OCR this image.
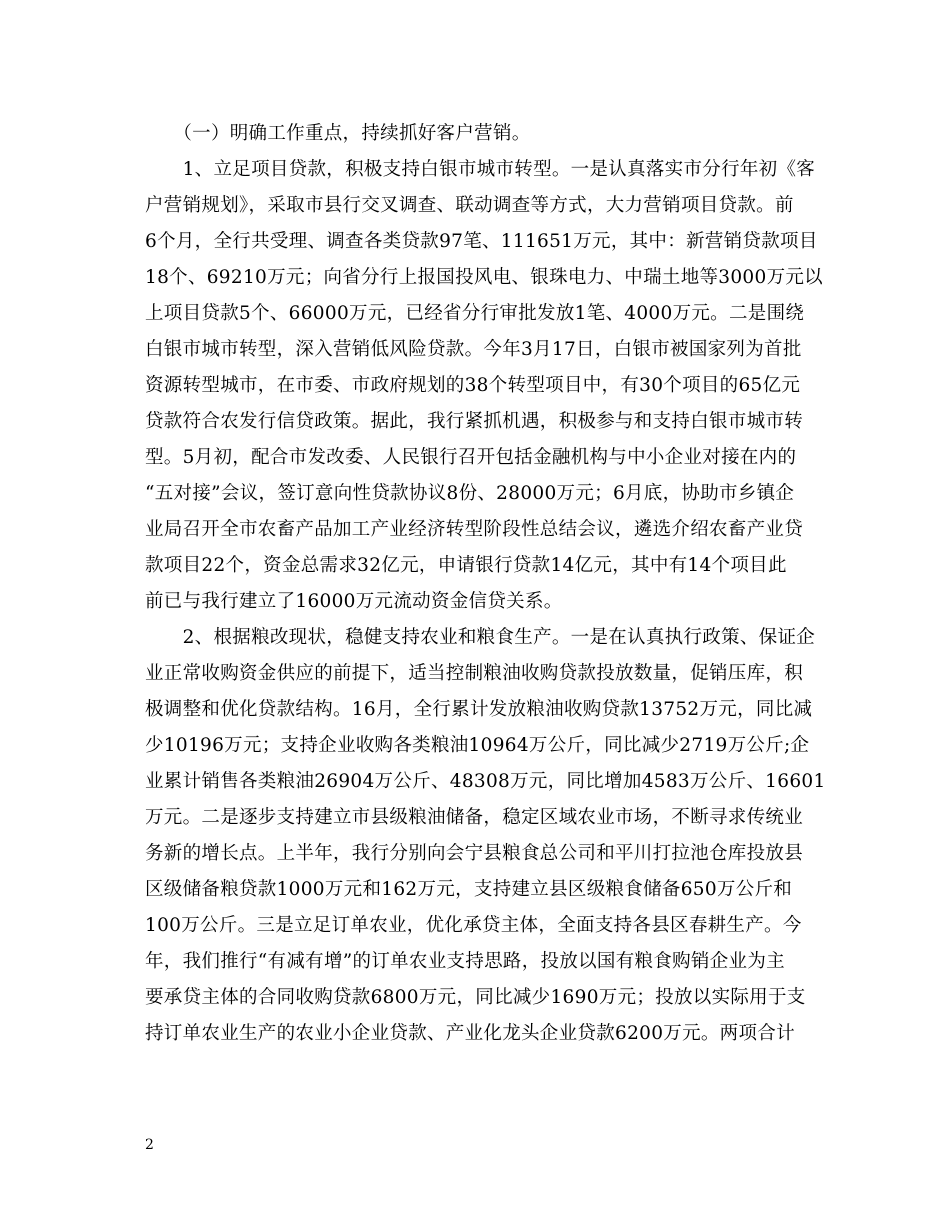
　　（一）明确工作重点，持续抓好客户营销。
　　1、立足项目贷款，积极支持白银市城市转型。一是认真落实市分行年初《客
户营销规划》，采取市县行交叉调查、联动调查等方式，大力营销项目贷款。前
6个月，全行共受理、调查各类贷款97笔、111651万元，其中：新营销贷款项目
18个、69210万元；向省分行上报国投风电、银珠电力、中瑞土地等3000万元以
上项目贷款5个、66000万元，已经省分行审批发放1笔、4000万元。二是围绕
白银市城市转型，深入营销低风险贷款。今年3月17日，白银市被国家列为首批
资源转型城市，在市委、市政府规划的38个转型项目中，有30个项目的65亿元
贷款符合农发行信贷政策。据此，我行紧抓机遇，积极参与和支持白银市城市转
型。5月初，配合市发改委、人民银行召开包括金融机构与中小企业对接在内的
“五对接”会议，签订意向性贷款协议8份、28000万元；6月底，协助市乡镇企
业局召开全市农畜产品加工产业经济转型阶段性总结会议，遴选介绍农畜产业贷
款项目22个，资金总需求32亿元，申请银行贷款14亿元，其中有14个项目此
前已与我行建立了16000万元流动资金信贷关系。
　　2、根据粮改现状，稳健支持农业和粮食生产。一是在认真执行政策、保证企
业正常收购资金供应的前提下，适当控制粮油收购贷款投放数量，促销压库，积
极调整和优化贷款结构。16月，全行累计发放粮油收购贷款13752万元，同比减
少10196万元；支持企业收购各类粮油10964万公斤，同比减少2719万公斤;企
业累计销售各类粮油26904万公斤、48308万元，同比增加4583万公斤、16601
万元。二是逐步支持建立市县级粮油储备，稳定区域农业市场，不断寻求传统业
务新的增长点。上半年，我行分别向会宁县粮食总公司和平川打拉池仓库投放县
区级储备粮贷款1000万元和162万元，支持建立县区级粮食储备650万公斤和
100万公斤。三是立足订单农业，优化承贷主体，全面支持各县区春耕生产。今
年，我们推行“有减有增”的订单农业支持思路，投放以国有粮食购销企业为主
要承贷主体的合同收购贷款6800万元，同比减少1690万元；投放以实际用于支
持订单农业生产的农业小企业贷款、产业化龙头企业贷款6200万元。两项合计
2
